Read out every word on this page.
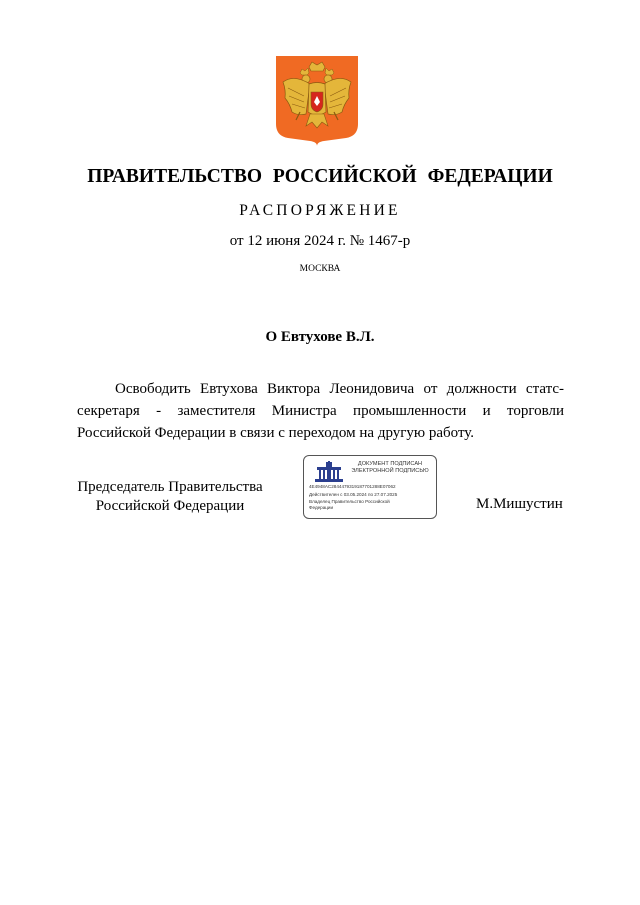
ПРАВИТЕЛЬСТВО РОССИЙСКОЙ ФЕДЕРАЦИИ
РАСПОРЯЖЕНИЕ
от 12 июня 2024 г. № 1467-р
МОСКВА
О Евтухове В.Л.
Освободить Евтухова Виктора Леонидовича от должности статс-секретаря - заместителя Министра промышленности и торговли Российской Федерации в связи с переходом на другую работу.
Председатель Правительства
Российской Федерации
ДОКУМЕНТ ПОДПИСАН
ЭЛЕКТРОННОЙ ПОДПИСЬЮ
4E4948AC2844479319187701288E07062
Действителен с 03.05.2024 по 27.07.2025
Владелец Правительство Российской
Федерации	М.Мишустин
